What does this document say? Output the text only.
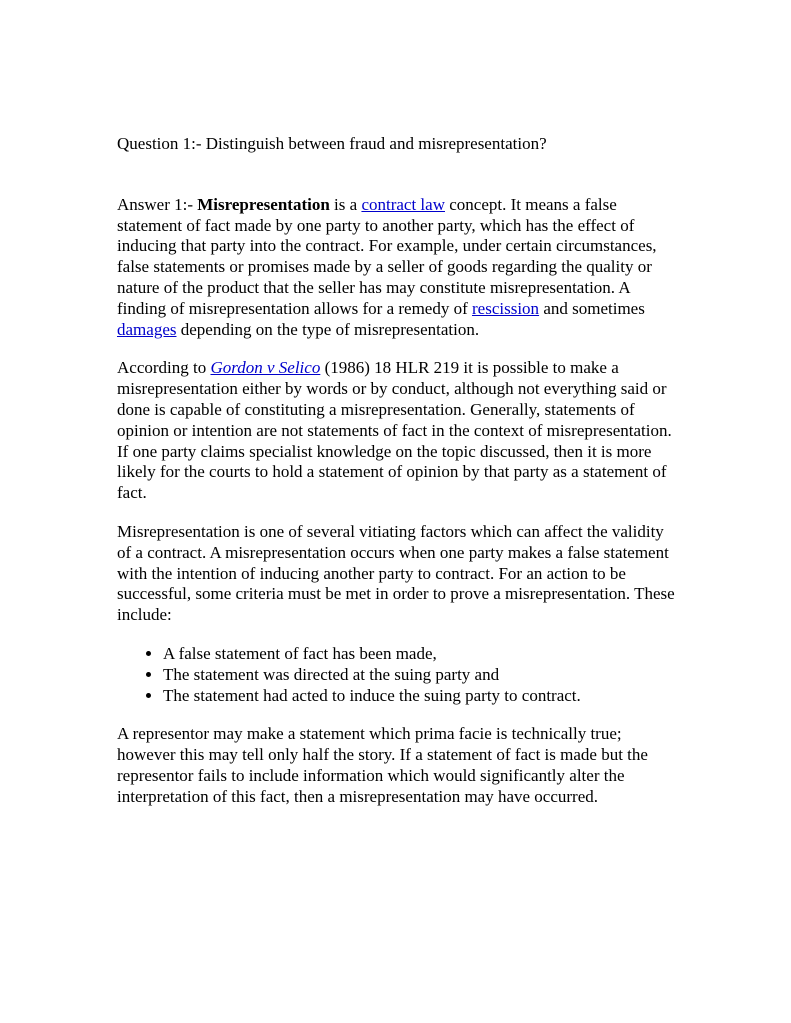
Question 1:- Distinguish between fraud and misrepresentation?

Answer 1:- Misrepresentation is a contract law concept. It means a false statement of fact made by one party to another party, which has the effect of inducing that party into the contract. For example, under certain circumstances, false statements or promises made by a seller of goods regarding the quality or nature of the product that the seller has may constitute misrepresentation. A finding of misrepresentation allows for a remedy of rescission and sometimes damages depending on the type of misrepresentation.

According to Gordon v Selico (1986) 18 HLR 219 it is possible to make a misrepresentation either by words or by conduct, although not everything said or done is capable of constituting a misrepresentation. Generally, statements of opinion or intention are not statements of fact in the context of misrepresentation. If one party claims specialist knowledge on the topic discussed, then it is more likely for the courts to hold a statement of opinion by that party as a statement of fact.

Misrepresentation is one of several vitiating factors which can affect the validity of a contract. A misrepresentation occurs when one party makes a false statement with the intention of inducing another party to contract. For an action to be successful, some criteria must be met in order to prove a misrepresentation. These include:

• A false statement of fact has been made,
• The statement was directed at the suing party and
• The statement had acted to induce the suing party to contract.

A representor may make a statement which prima facie is technically true; however this may tell only half the story. If a statement of fact is made but the representor fails to include information which would significantly alter the interpretation of this fact, then a misrepresentation may have occurred.
